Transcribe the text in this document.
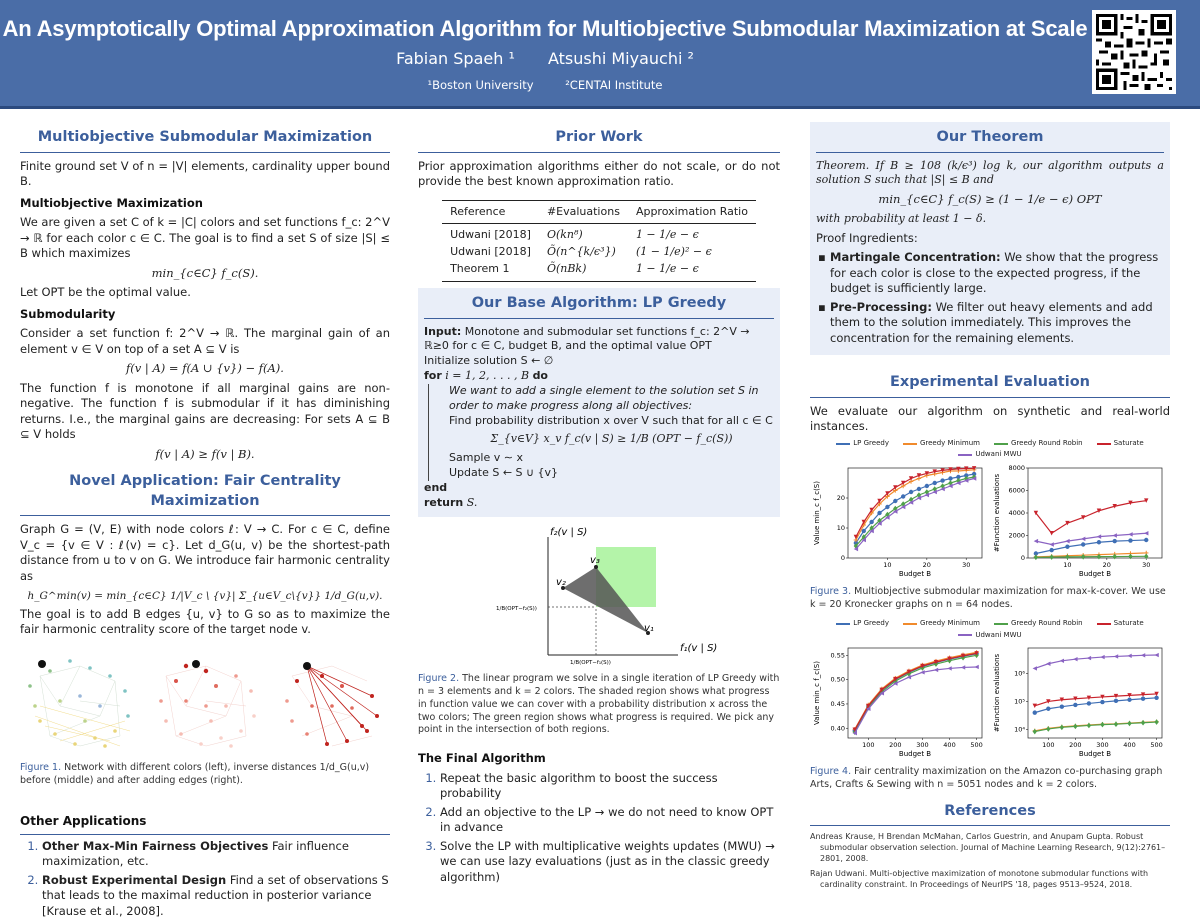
An Asymptotically Optimal Approximation Algorithm for Multiobjective Submodular Maximization at Scale
Fabian Spaeh ¹ Atsushi Miyauchi ²
¹Boston University	²CENTAI Institute
Multiobjective Submodular Maximization

Finite ground set V of n = |V| elements, cardinality upper bound B.

Multiobjective Maximization

We are given a set C of k = |C| colors and set functions f_c: 2^V → ℝ for each color c ∈ C. The goal is to find a set S of size |S| ≤ B which maximizes

min_{c∈C} f_c(S).

Let OPT be the optimal value.

Submodularity

Consider a set function f: 2^V → ℝ. The marginal gain of an element v ∈ V on top of a set A ⊆ V is

f(v | A) = f(A ∪ {v}) − f(A).

The function f is monotone if all marginal gains are non-negative. The function f is submodular if it has diminishing returns. I.e., the marginal gains are decreasing: For sets A ⊆ B ⊆ V holds

f(v | A) ≥ f(v | B).
Novel Application: Fair Centrality Maximization

Graph G = (V, E) with node colors ℓ: V → C. For c ∈ C, define V_c = {v ∈ V : ℓ(v) = c}. Let d_G(u, v) be the shortest-path distance from u to v on G. We introduce fair harmonic centrality as

h_G^min(v) = min_{c∈C} 1/|V_c \ {v}| Σ_{u∈V_c\{v}} 1/d_G(u,v).

The goal is to add B edges {u, v} to G so as to maximize the fair harmonic centrality score of the target node v.

Figure 1. Network with different colors (left), inverse distances 1/d_G(u,v) before (middle) and after adding edges (right).
Other Applications
1. Other Max-Min Fairness Objectives Fair influence maximization, etc.
2. Robust Experimental Design Find a set of observations S that leads to the maximal reduction in posterior variance [Krause et al., 2008].
Prior Work

Prior approximation algorithms either do not scale, or do not provide the best known approximation ratio.

Reference	#Evaluations	Approximation Ratio
Udwani [2018]	O(kn⁸)	1 − 1/e − ϵ
Udwani [2018]	Õ(n^{k/ϵ³})	(1 − 1/e)² − ϵ
Theorem 1	Õ(nBk)	1 − 1/e − ϵ
Our Base Algorithm: LP Greedy
Input: Monotone and submodular set functions f_c: 2^V → ℝ≥0 for c ∈ C, budget B, and the optimal value OPT
Initialize solution S ← ∅
for i = 1, 2, . . . , B do
We want to add a single element to the solution set S in order to make progress along all objectives:
Find probability distribution x over V such that for all c ∈ C
Σ_{v∈V} x_v f_c(v | S) ≥ 1/B (OPT − f_c(S))
Sample v ∼ x
Update S ← S ∪ {v}
end
return S.
f₂(v | S)
f₁(v | S)
v₂
v₃
v₁
1/B(OPT−f₂(S))
1/B(OPT−f₁(S))
Figure 2. The linear program we solve in a single iteration of LP Greedy with n = 3 elements and k = 2 colors. The shaded region shows what progress in function value we can cover with a probability distribution x across the two colors; The green region shows what progress is required. We pick any point in the intersection of both regions.
The Final Algorithm
1. Repeat the basic algorithm to boost the success probability
2. Add an objective to the LP → we do not need to know OPT in advance
3. Solve the LP with multiplicative weights updates (MWU) → we can use lazy evaluations (just as in the classic greedy algorithm)
Our Theorem

Theorem. If B ≥ 108 (k/ϵ³) log k, our algorithm outputs a solution S such that |S| ≤ B and

min_{c∈C} f_c(S) ≥ (1 − 1/e − ϵ) OPT

with probability at least 1 − δ.

Proof Ingredients:

▪ Martingale Concentration: We show that the progress for each color is close to the expected progress, if the budget is sufficiently large.
▪ Pre-Processing: We filter out heavy elements and add them to the solution immediately. This improves the concentration for the remaining elements.
Experimental Evaluation

We evaluate our algorithm on synthetic and real-world instances.

LP Greedy	Greedy Minimum	Greedy Round Robin	Saturate
Udwani MWU
10	20	30
0
10
20
Budget B
Value min_c f_c(S)
10	20	30
0
2000
4000
6000
8000
Budget B
#Function evaluations
Figure 3. Multiobjective submodular maximization for max-k-cover. We use k = 20 Kronecker graphs on n = 64 nodes.
LP Greedy	Greedy Minimum	Greedy Round Robin	Saturate
Udwani MWU
100 200 300 400 500
0.40
0.45
0.50
0.55
Budget B
Value min_c f_c(S)
100 200 300 400 500
10⁴
10⁵
10⁶
Budget B
#Function evaluations
Figure 4. Fair centrality maximization on the Amazon co-purchasing graph Arts, Crafts & Sewing with n = 5051 nodes and k = 2 colors.
References

Andreas Krause, H Brendan McMahan, Carlos Guestrin, and Anupam Gupta. Robust submodular observation selection. Journal of Machine Learning Research, 9(12):2761–2801, 2008.

Rajan Udwani. Multi-objective maximization of monotone submodular functions with cardinality constraint. In Proceedings of NeurIPS '18, pages 9513–9524, 2018.
